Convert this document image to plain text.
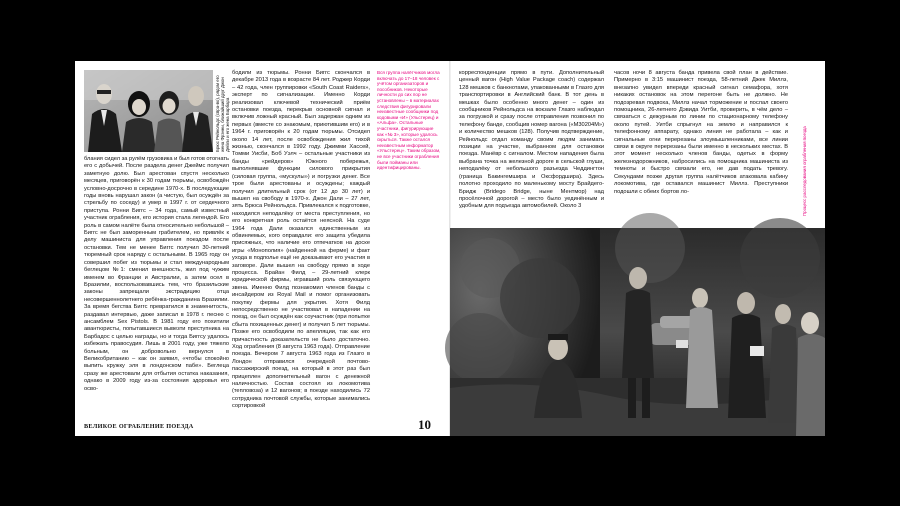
Брюс Рейнольдс (спра-во), рядом его жена Фрэнни, ближайший друг Джон Дейли и его жена Барбара

блания сидел за рулём грузовика и был готов отогнать его с добычей. После раздела денег Джеймс получил заметную долю. Был арестован спустя несколько месяцев, приговорён к 30 годам тюрьмы, освобождён условно-досрочно в середине 1970-х. В последующие годы вновь нарушал закон (а чистую, был осуждён за стрельбу по соседу) и умер в 1997 г. от сердечного приступа. Ронни Биггс – 34 года, самый известный участник ограбления, его история стала легендой. Его роль в самом налёте была относительно небольшой – Биггс не был заморенным грабителем, но привлёк к делу машиниста для управления поездом после остановки. Тем не менее Биггс получил 30-летний тюремный срок наряду с остальными. В 1965 году он совершил побег из тюрьмы и стал международным беглецом №1: сменил внешность, жил под чужим именем во Франции и Австралии, а затем осел в Бразилии, воспользовавшись тем, что бразильские законы запрещали экстрадицию отца несовершеннолетнего ребёнка-гражданина Бразилии. За время бегства Биггс превратился в знаменитость, раздавал интервью, даже записал в 1978 г. песню с ансамблем Sex Pistols. В 1981 году его похитили авантюристы, попытавшиеся вывезти преступника на Барбадос с целью награды, но и тогда Биггсу удалось избежать правосудия. Лишь в 2001 году, уже тяжело больным, он добровольно вернулся в Великобританию – как он заявил, «чтобы спокойно выпить кружку эля в лондонском пабе». Беглеца сразу же арестовали для отбытия остатка наказания, однако в 2009 году из-за состояния здоровья его осво-

бодили из тюрьмы. Ронни Биггс скончался в декабре 2013 года в возрасте 84 лет. Роджер Корди – 42 года, член группировки «South Coast Raiders», эксперт по сигнализации. Именно Корди реализовал ключевой технический приём остановки поезда, перекрыв основной сигнал и включив ложный красный. Был задержан одним из первых (вместе со знакомым, приютившим его) и в 1964 г. приговорён к 20 годам тюрьмы. Отсидел около 14 лет, после освобождения жил тихой жизнью, скончался в 1992 году. Джимми Хассей, Томми Уисби, Боб Уэлч – остальные участники из банды «рейдеров» Южного побережья, выполнявшие функции силового прикрытия (силовая группа, «мускулы») и погрузки денег. Все трое были арестованы и осуждены; каждый получил длительный срок (от 12 до 30 лет) и вышел на свободу в 1970-х. Джон Дали – 27 лет, зять Брюса Рейнольдса. Привлекался к подготовке, находился неподалёку от места преступления, но его конкретная роль остаётся неясной. На суде 1964 года Дали оказался единственным из обвиняемых, кого оправдали: его защита убедила присяжных, что наличие его отпечатков на доске игры «Монополия» (найденной на ферме) и факт ухода в подполье ещё не доказывают его участия в заговоре. Дали вышел на свободу прямо в ходе процесса. Брайан Филд – 29-летний клерк юридической фирмы, игравший роль связующего звена. Именно Филд познакомил членов банды с инсайдером из Royal Mail и помог организовать покупку фермы для укрытия. Хотя Филд непосредственно не участвовал в нападении на поезд, он был осуждён как соучастник (при попытке сбыта похищенных денег) и получил 5 лет тюрьмы. Позже его освободили по апелляции, так как его причастность доказательств не было достаточно. Ход ограбления (8 августа 1963 года). Отправление поезда. Вечером 7 августа 1963 года из Глазго в Лондон отправился очередной почтово-пассажирский поезд, на который в этот раз был прицеплен дополнительный вагон с денежной наличностью. Состав состоял из локомотива (тепловоза) и 12 вагонов; в поезде находились 72 сотрудника почтовой службы, которые занимались сортировкой

Вся группа налётчиков могла включать до 17–18 человек с учётом организаторов и пособников. Некоторые личности до сих пор не установлены – в материалах следствия фигурировали неизвестные сообщники под кодовыми «И» (Ульстерец) и «Альфа». Остальные участники, фигурирующие как «№ 3», которые удалось скрыться. Также остался неизвестным информатор «Ульстерец». Таким образом, не все участники ограбления были пойманы или идентифицированы.

ВЕЛИКОЕ ОГРАБЛЕНИЕ ПОЕЗДА	10

корреспонденции прямо в пути. Дополнительный ценный вагон (High Value Package coach) содержал 128 мешков с банкнотами, упакованными в Глазго для транспортировки в Английский банк. В тот день в мешках было особенно много денег – один из сообщников Рейнольдса на вокзале Глазго наблюдал за погрузкой и сразу после отправления позвонил по телефону банде, сообщив номер вагона («М30204М») и количество мешков (128). Получив подтверждение, Рейнольдс отдал команду своим людям занимать позиции на участке, выбранном для остановки поезда. Манёвр с сигналом. Местом нападения была выбрана точка на железной дороге в сельской глуши, неподалёку от небольшого разъезда Чеддингтон (граница Бакингемшира и Оксфордшира). Здесь полотно проходило по маленькому мосту Брайдего-Бридж (Bridego Bridge, ныне Ментмор) над просёлочной дорогой – место было уединённым и удобным для подъезда автомобилей. Около 3

часов ночи 8 августа банда привела свой план в действие. Примерно в 3:15 машинист поезда, 58-летний Джек Миллз, внезапно увидел впереди красный сигнал семафора, хотя никаких остановок на этом перегоне быть не должно. Не подозревая подвоха, Миллз начал торможение и послал своего помощника, 26-летнего Дэвида Уитби, проверить, в чём дело – связаться с дежурным по линии по стационарному телефону около путей. Уитби спрыгнул на землю и направился к телефонному аппарату, однако линия не работала – как и сигнальные огни перерезаны злоумышленниками, все линии связи в округе перерезаны были именно в нескольких местах. В этот момент несколько членов банды, одетых в форму железнодорожников, набросились на помощника машиниста из темноты и быстро связали его, не дав подать тревогу. Секундами позже другая группа налётчиков атаковала кабину локомотива, где оставался машинист Миллз. Преступники подошли с обеих бортов ло-	Процесс расследования ограбления поезда
